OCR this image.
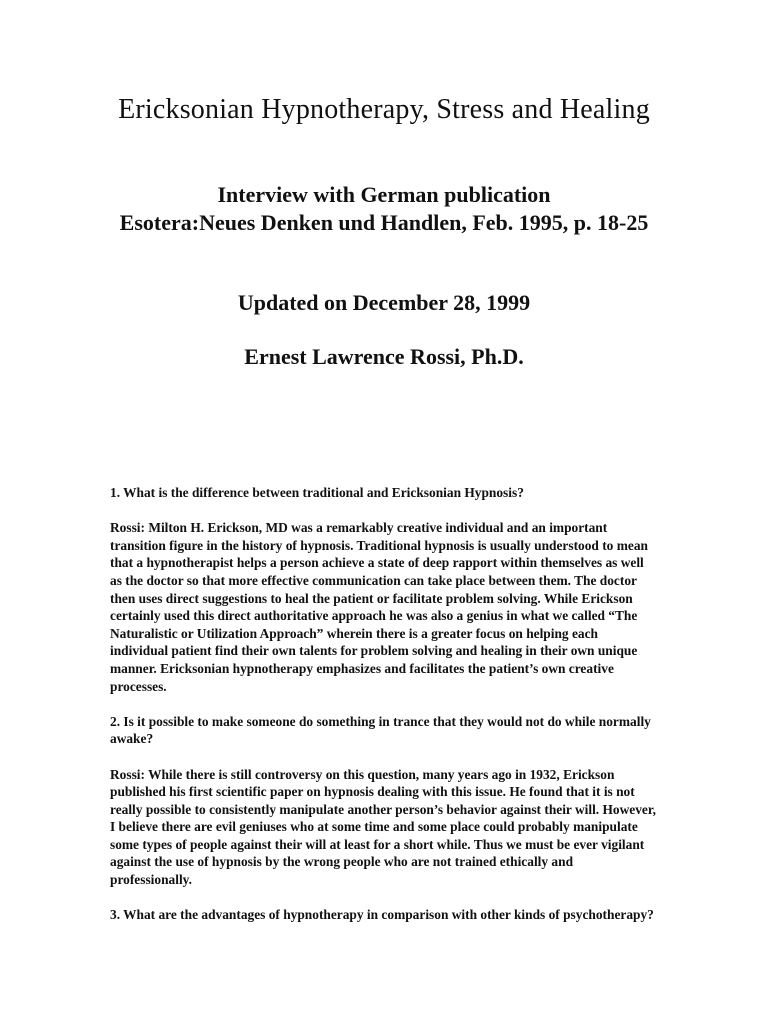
Ericksonian Hypnotherapy, Stress and Healing
Interview with German publication
Esotera:Neues Denken und Handlen, Feb. 1995, p. 18-25
Updated on December 28, 1999
Ernest Lawrence Rossi, Ph.D.

1. What is the difference between traditional and Ericksonian Hypnosis?

Rossi: Milton H. Erickson, MD was a remarkably creative individual and an important transition figure in the history of hypnosis. Traditional hypnosis is usually understood to mean that a hypnotherapist helps a person achieve a state of deep rapport within themselves as well as the doctor so that more effective communication can take place between them. The doctor then uses direct suggestions to heal the patient or facilitate problem solving. While Erickson certainly used this direct authoritative approach he was also a genius in what we called “The Naturalistic or Utilization Approach” wherein there is a greater focus on helping each individual patient find their own talents for problem solving and healing in their own unique manner. Ericksonian hypnotherapy emphasizes and facilitates the patient’s own creative processes.

2. Is it possible to make someone do something in trance that they would not do while normally awake?

Rossi: While there is still controversy on this question, many years ago in 1932, Erickson published his first scientific paper on hypnosis dealing with this issue. He found that it is not really possible to consistently manipulate another person’s behavior against their will. However, I believe there are evil geniuses who at some time and some place could probably manipulate some types of people against their will at least for a short while. Thus we must be ever vigilant against the use of hypnosis by the wrong people who are not trained ethically and professionally.

3. What are the advantages of hypnotherapy in comparison with other kinds of psychotherapy?
